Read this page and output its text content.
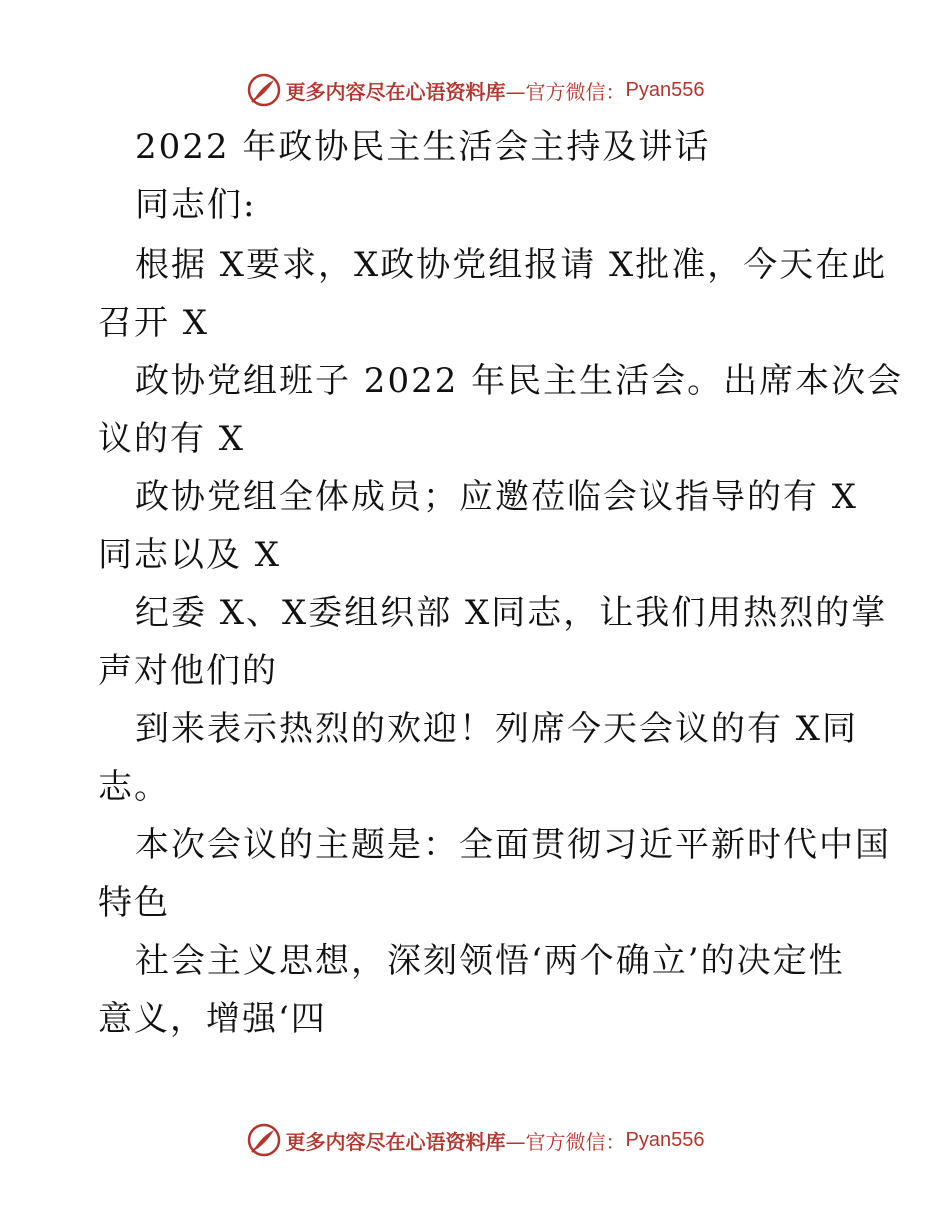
更多内容尽在心语资料库 —官方微信： Pyan556
2022 年政协民主生活会主持及讲话
同志们:
根据 X要求，X政协党组报请 X批准，今天在此
召开 X
政协党组班子 2022 年民主生活会。出席本次会
议的有 X
政协党组全体成员；应邀莅临会议指导的有 X
同志以及 X
纪委 X、X委组织部 X同志，让我们用热烈的掌
声对他们的
到来表示热烈的欢迎！列席今天会议的有 X同
志。
本次会议的主题是：全面贯彻习近平新时代中国
特色
社会主义思想，深刻领悟‘两个确立’的决定性
意义，增强‘四
更多内容尽在心语资料库 —官方微信： Pyan556
